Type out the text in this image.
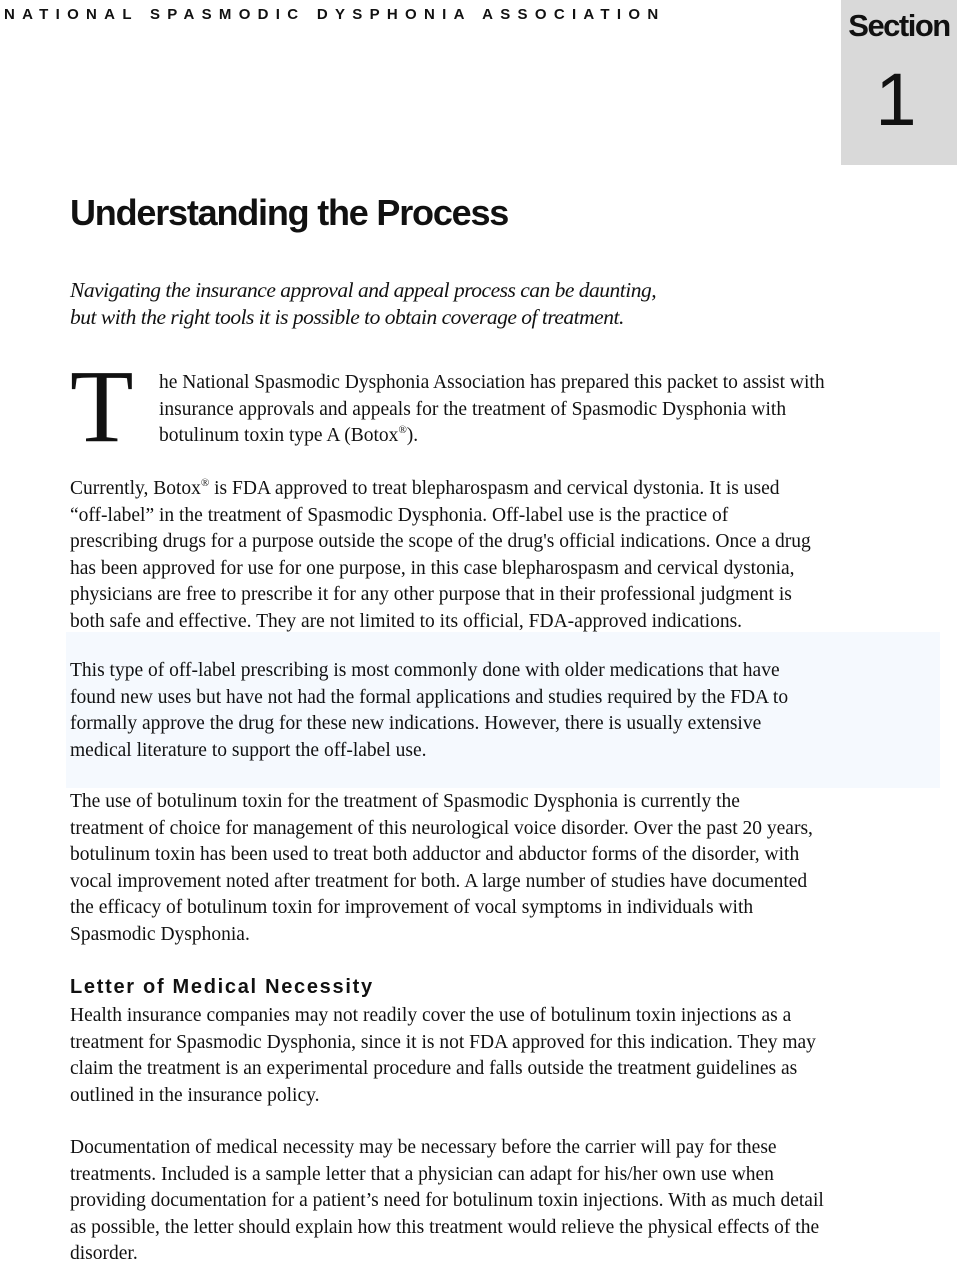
NATIONAL SPASMODIC DYSPHONIA ASSOCIATION	Section
1
Understanding the Process
Navigating the insurance approval and appeal process can be daunting,
but with the right tools it is possible to obtain coverage of treatment.
T he National Spasmodic Dysphonia Association has prepared this packet to assist with
insurance approvals and appeals for the treatment of Spasmodic Dysphonia with
botulinum toxin type A (Botox®).
Currently, Botox® is FDA approved to treat blepharospasm and cervical dystonia. It is used
“off-label” in the treatment of Spasmodic Dysphonia. Off-label use is the practice of
prescribing drugs for a purpose outside the scope of the drug's official indications. Once a drug
has been approved for use for one purpose, in this case blepharospasm and cervical dystonia,
physicians are free to prescribe it for any other purpose that in their professional judgment is
both safe and effective. They are not limited to its official, FDA-approved indications.
This type of off-label prescribing is most commonly done with older medications that have
found new uses but have not had the formal applications and studies required by the FDA to
formally approve the drug for these new indications. However, there is usually extensive
medical literature to support the off-label use.
The use of botulinum toxin for the treatment of Spasmodic Dysphonia is currently the
treatment of choice for management of this neurological voice disorder. Over the past 20 years,
botulinum toxin has been used to treat both adductor and abductor forms of the disorder, with
vocal improvement noted after treatment for both. A large number of studies have documented
the efficacy of botulinum toxin for improvement of vocal symptoms in individuals with
Spasmodic Dysphonia.
Letter of Medical Necessity
Health insurance companies may not readily cover the use of botulinum toxin injections as a
treatment for Spasmodic Dysphonia, since it is not FDA approved for this indication. They may
claim the treatment is an experimental procedure and falls outside the treatment guidelines as
outlined in the insurance policy.
Documentation of medical necessity may be necessary before the carrier will pay for these
treatments. Included is a sample letter that a physician can adapt for his/her own use when
providing documentation for a patient’s need for botulinum toxin injections. With as much detail
as possible, the letter should explain how this treatment would relieve the physical effects of the
disorder.
